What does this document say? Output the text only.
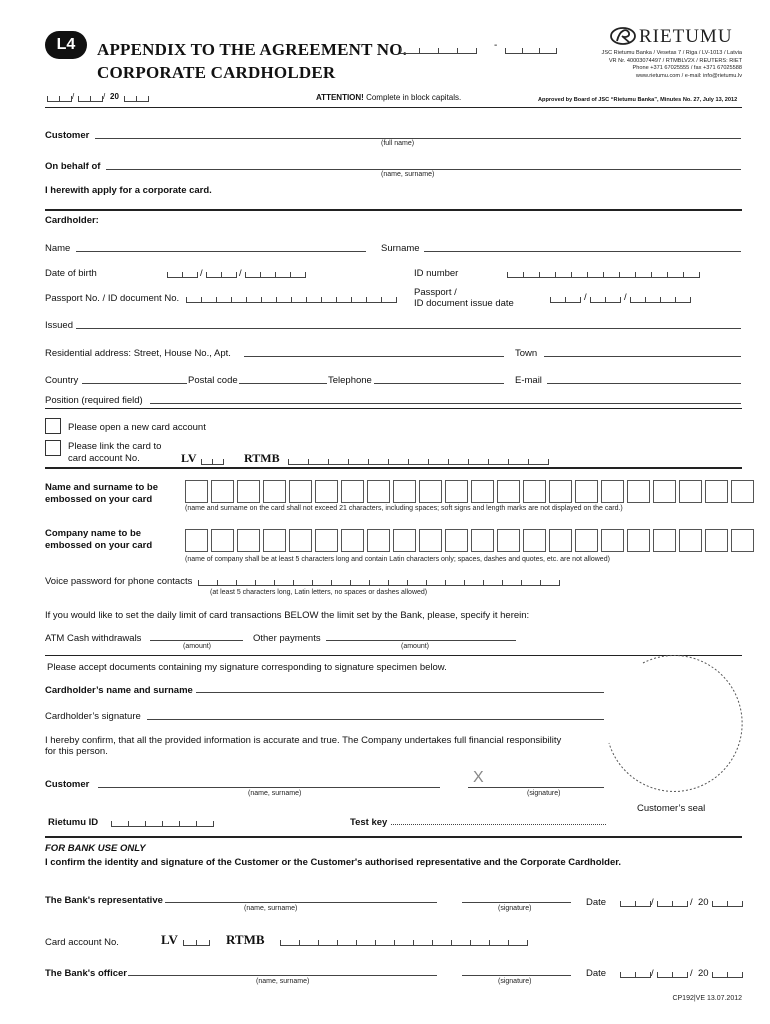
L4	APPENDIX TO THE AGREEMENT NO.	-
CORPORATE CARDHOLDER
/	/ 20	ATTENTION! Complete in block capitals.	Approved by Board of JSC “Rietumu Banka”, Minutes No. 27, July 13, 2012
RIETUMU
JSC Rietumu Banka / Vesetas 7 / Riga / LV-1013 / Latvia
VR Nr. 40003074497 / RTMBLV2X / REUTERS: RIET
Phone +371 67025555 / fax +371 67025588
www.rietumu.com / e-mail: info@rietumu.lv
Customer
(full name)
On behalf of
(name, surname)
I herewith apply for a corporate card.
Cardholder:
Name	Surname
Date of birth	/	/	ID number
Passport No. / ID document No.
Passport /
ID document issue date
/	/
Issued
Residential address: Street, House No., Apt.	Town
Country	Postal code	Telephone	E-mail
Position (required field)
Please open a new card account
Please link the card to
card account No.	LV	RTMB
Name and surname to be
embossed on your card
(name and surname on the card shall not exceed 21 characters, including spaces; soft signs and length marks are not displayed on the card.)
Company name to be
embossed on your card
(name of company shall be at least 5 characters long and contain Latin characters only; spaces, dashes and quotes, etc. are not allowed)
Voice password for phone contacts
(at least 5 characters long, Latin letters, no spaces or dashes allowed)
If you would like to set the daily limit of card transactions BELOW the limit set by the Bank, please, specify it herein:
ATM Cash withdrawals
(amount)
Other payments
(amount)
Please accept documents containing my signature corresponding to signature specimen below.
Cardholder’s name and surname
Cardholder’s signature
I hereby confirm, that all the provided information is accurate and true. The Company undertakes full financial responsibility
for this person.
Customer
(name, surname)
X
(signature)
Customer’s seal
Rietumu ID	Test key
FOR BANK USE ONLY
I confirm the identity and signature of the Customer or the Customer's authorised representative and the Corporate Cardholder.
The Bank's representative
(name, surname)	(signature)
Date	/	/ 20
Card account No.	LV	RTMB
The Bank's officer
(name, surname)	(signature)
Date	/	/ 20
CP192|VE 13.07.2012
